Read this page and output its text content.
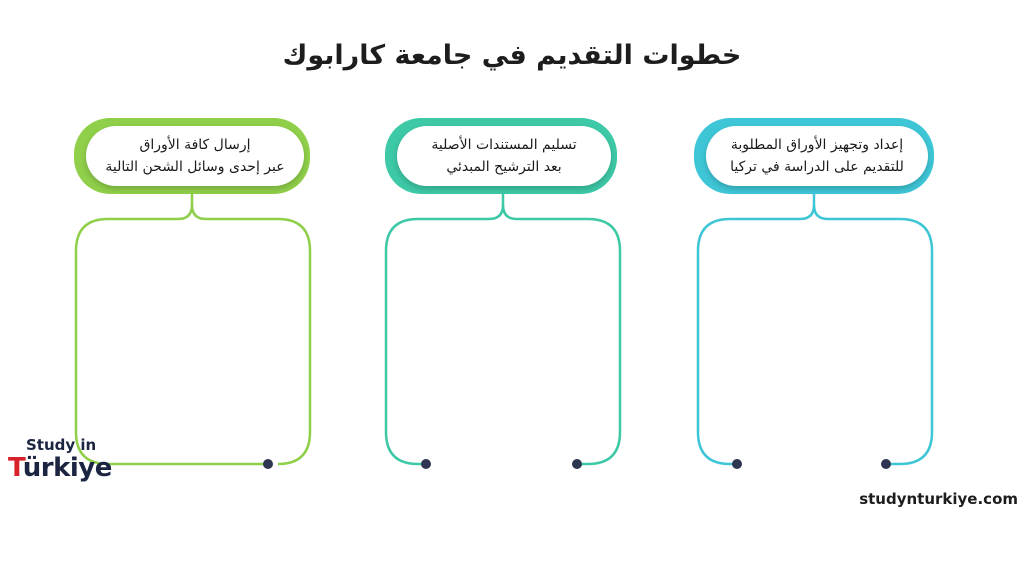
خطوات التقديم في جامعة كارابوك
إعداد وتجهيز الأوراق المطلوبة
للتقديم على الدراسة في تركيا
تسليم المستندات الأصلية
بعد الترشيح المبدئي
إرسال كافة الأوراق
عبر إحدى وسائل الشحن التالية
Study in
Türkiye
studynturkiye.com
